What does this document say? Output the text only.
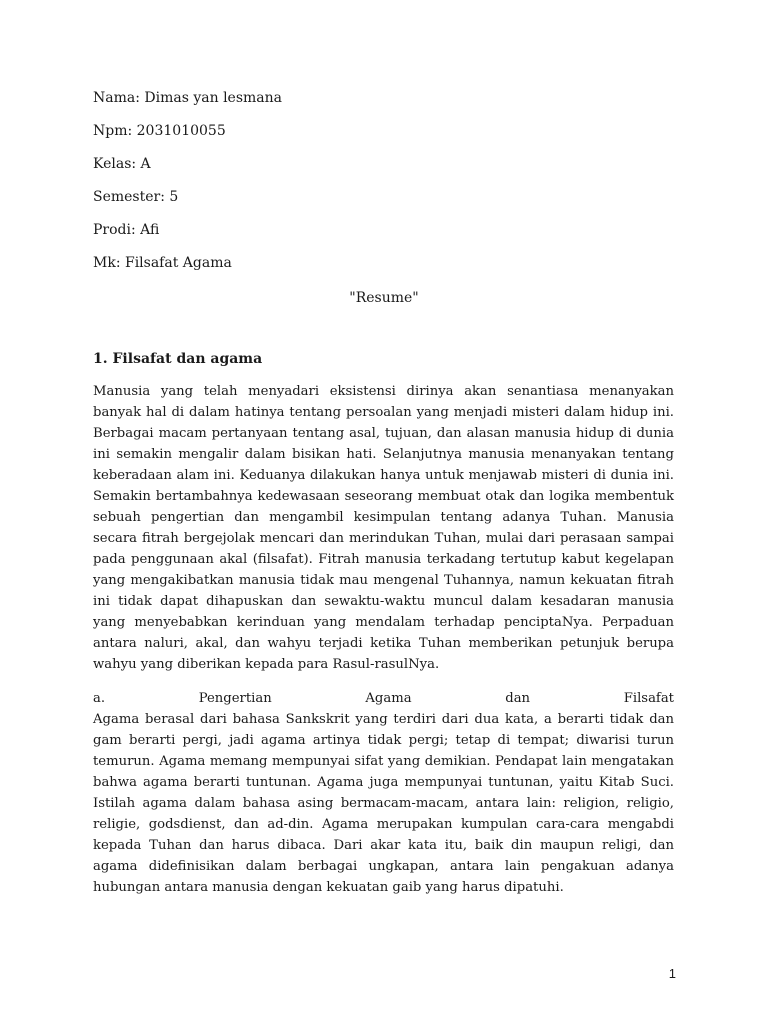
Nama: Dimas yan lesmana

Npm: 2031010055

Kelas: A

Semester: 5

Prodi: Afi

Mk: Filsafat Agama

"Resume"

1. Filsafat dan agama

Manusia yang telah menyadari eksistensi dirinya akan senantiasa menanyakan banyak hal di dalam hatinya tentang persoalan yang menjadi misteri dalam hidup ini. Berbagai macam pertanyaan tentang asal, tujuan, dan alasan manusia hidup di dunia ini semakin mengalir dalam bisikan hati. Selanjutnya manusia menanyakan tentang keberadaan alam ini. Keduanya dilakukan hanya untuk menjawab misteri di dunia ini. Semakin bertambahnya kedewasaan seseorang membuat otak dan logika membentuk sebuah pengertian dan mengambil kesimpulan tentang adanya Tuhan. Manusia secara fitrah bergejolak mencari dan merindukan Tuhan, mulai dari perasaan sampai pada penggunaan akal (filsafat). Fitrah manusia terkadang tertutup kabut kegelapan yang mengakibatkan manusia tidak mau mengenal Tuhannya, namun kekuatan fitrah ini tidak dapat dihapuskan dan sewaktu-waktu muncul dalam kesadaran manusia yang menyebabkan kerinduan yang mendalam terhadap penciptaNya. Perpaduan antara naluri, akal, dan wahyu terjadi ketika Tuhan memberikan petunjuk berupa wahyu yang diberikan kepada para Rasul-rasulNya.

a.	Pengertian	Agama	dan	Filsafat

Agama berasal dari bahasa Sankskrit yang terdiri dari dua kata, a berarti tidak dan gam berarti pergi, jadi agama artinya tidak pergi; tetap di tempat; diwarisi turun temurun. Agama memang mempunyai sifat yang demikian. Pendapat lain mengatakan bahwa agama berarti tuntunan. Agama juga mempunyai tuntunan, yaitu Kitab Suci. Istilah agama dalam bahasa asing bermacam-macam, antara lain: religion, religio, religie, godsdienst, dan ad-din. Agama merupakan kumpulan cara-cara mengabdi kepada Tuhan dan harus dibaca. Dari akar kata itu, baik din maupun religi, dan agama didefinisikan dalam berbagai ungkapan, antara lain pengakuan adanya hubungan antara manusia dengan kekuatan gaib yang harus dipatuhi.

1
